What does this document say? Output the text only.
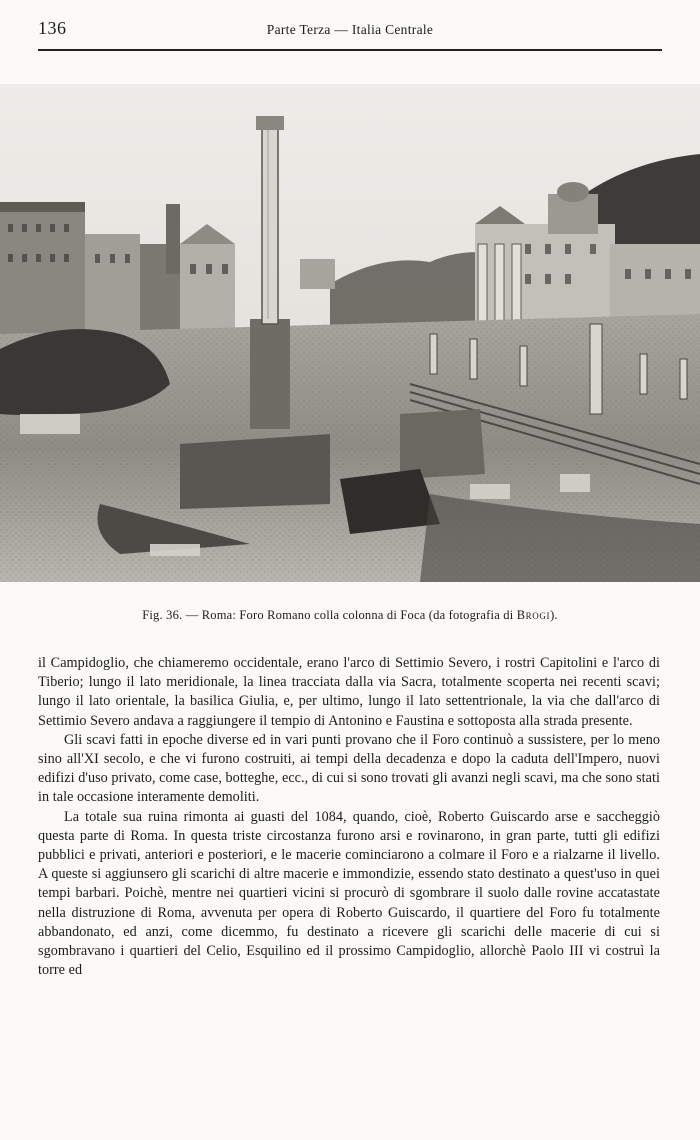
136	Parte Terza — Italia Centrale
Fig. 36. — Roma: Foro Romano colla colonna di Foca (da fotografia di Brogi).

il Campidoglio, che chiameremo occidentale, erano l'arco di Settimio Severo, i rostri Capitolini e l'arco di Tiberio; lungo il lato meridionale, la linea tracciata dalla via Sacra, totalmente scoperta nei recenti scavi; lungo il lato orientale, la basilica Giulia, e, per ultimo, lungo il lato settentrionale, la via che dall'arco di Settimio Severo andava a raggiungere il tempio di Antonino e Faustina e sottoposta alla strada presente.

Gli scavi fatti in epoche diverse ed in vari punti provano che il Foro continuò a sussistere, per lo meno sino all'XI secolo, e che vi furono costruiti, ai tempi della decadenza e dopo la caduta dell'Impero, nuovi edifizi d'uso privato, come case, botteghe, ecc., di cui si sono trovati gli avanzi negli scavi, ma che sono stati in tale occasione interamente demoliti.

La totale sua ruina rimonta ai guasti del 1084, quando, cioè, Roberto Guiscardo arse e saccheggiò questa parte di Roma. In questa triste circostanza furono arsi e rovinarono, in gran parte, tutti gli edifizi pubblici e privati, anteriori e posteriori, e le macerie cominciarono a colmare il Foro e a rialzarne il livello. A queste si aggiunsero gli scarichi di altre macerie e immondizie, essendo stato destinato a quest'uso in quei tempi barbari. Poichè, mentre nei quartieri vicini si procurò di sgombrare il suolo dalle rovine accatastate nella distruzione di Roma, avvenuta per opera di Roberto Guiscardo, il quartiere del Foro fu totalmente abbandonato, ed anzi, come dicemmo, fu destinato a ricevere gli scarichi delle macerie di cui si sgombravano i quartieri del Celio, Esquilino ed il prossimo Campidoglio, allorchè Paolo III vi costruì la torre ed
